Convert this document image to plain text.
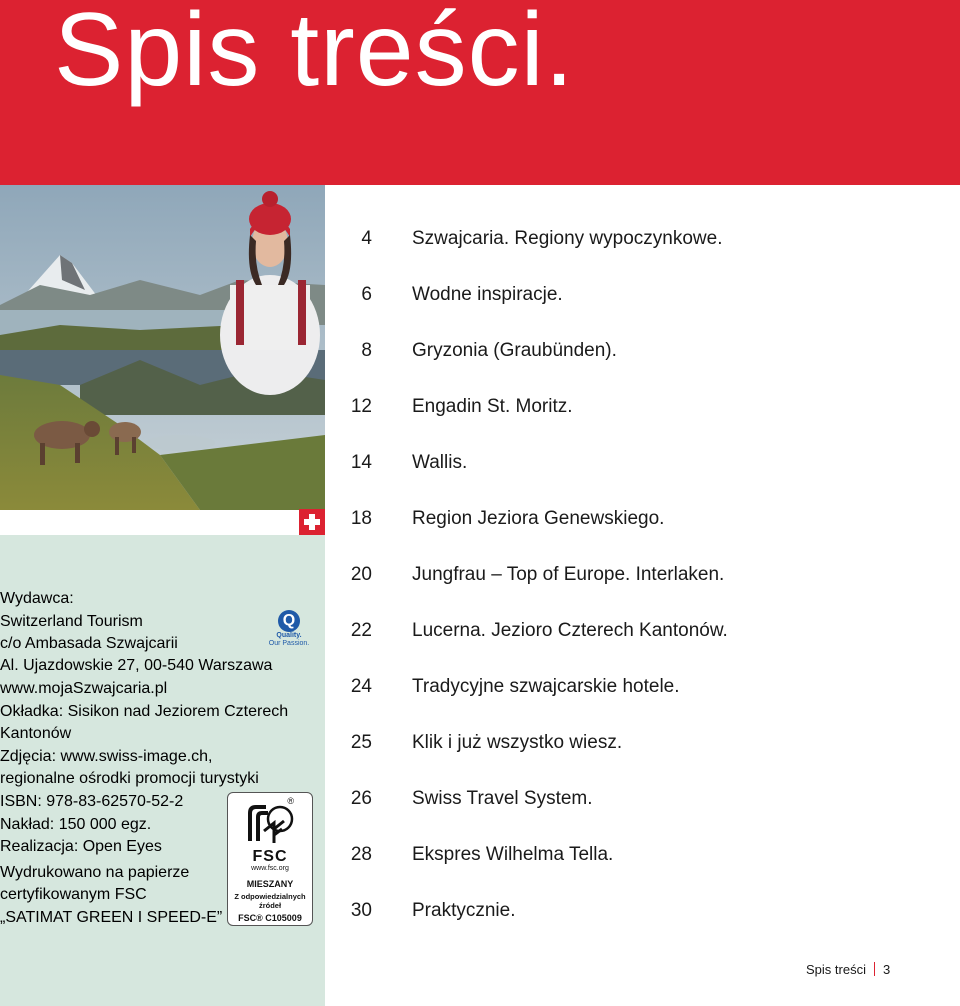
Spis treści.
Wydawca:
Switzerland Tourism
c/o Ambasada Szwajcarii
Al. Ujazdowskie 27, 00-540 Warszawa
www.mojaSzwajcaria.pl
Okładka: Sisikon nad Jeziorem Czterech
Kantonów
Zdjęcia: www.swiss-image.ch,
regionalne ośrodki promocji turystyki
ISBN: 978-83-62570-52-2
Nakład: 150 000 egz.
Realizacja: Open Eyes
Wydrukowano na papierze
certyfikowanym FSC
„SATIMAT GREEN I SPEED-E”
Q
Quality.
Our Passion.
®
FSC
www.fsc.org
MIESZANY
Z odpowiedzialnych
źródeł
FSC® C105009
4 Szwajcaria. Regiony wypoczynkowe.
6 Wodne inspiracje.
8 Gryzonia (Graubünden).
12 Engadin St. Moritz.
14 Wallis.
18 Region Jeziora Genewskiego.
20 Jungfrau – Top of Europe. Interlaken.
22 Lucerna. Jezioro Czterech Kantonów.
24 Tradycyjne szwajcarskie hotele.
25 Klik i już wszystko wiesz.
26 Swiss Travel System.
28 Ekspres Wilhelma Tella.
30 Praktycznie.
Spis treści 3
